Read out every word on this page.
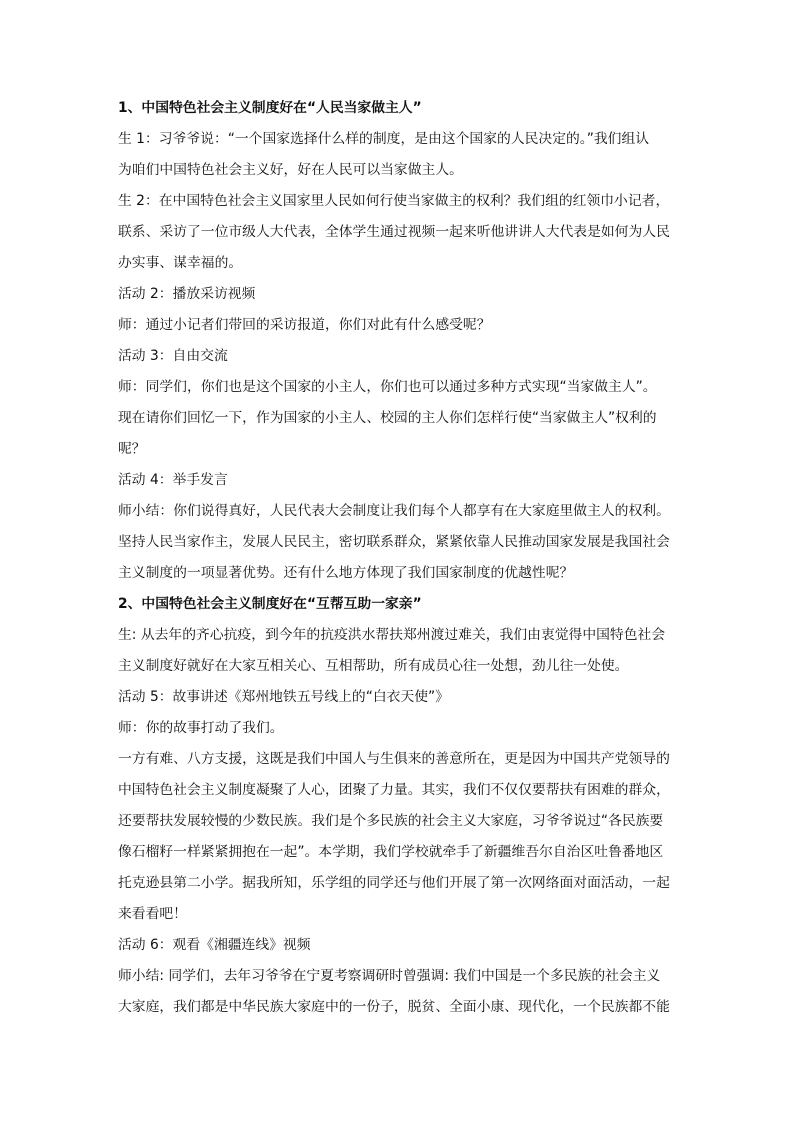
1、中国特色社会主义制度好在“人民当家做主人”
生 1：习爷爷说：“一个国家选择什么样的制度，是由这个国家的人民决定的。”我们组认
为咱们中国特色社会主义好，好在人民可以当家做主人。
生 2：在中国特色社会主义国家里人民如何行使当家做主的权利？我们组的红领巾小记者，
联系、采访了一位市级人大代表，全体学生通过视频一起来听他讲讲人大代表是如何为人民
办实事、谋幸福的。
活动 2：播放采访视频
师：通过小记者们带回的采访报道，你们对此有什么感受呢？
活动 3：自由交流
师：同学们，你们也是这个国家的小主人，你们也可以通过多种方式实现“当家做主人”。
现在请你们回忆一下，作为国家的小主人、校园的主人你们怎样行使“当家做主人”权利的
呢？
活动 4：举手发言
师小结：你们说得真好，人民代表大会制度让我们每个人都享有在大家庭里做主人的权利。
坚持人民当家作主，发展人民民主，密切联系群众，紧紧依靠人民推动国家发展是我国社会
主义制度的一项显著优势。还有什么地方体现了我们国家制度的优越性呢？
2、中国特色社会主义制度好在“互帮互助一家亲”
生: 从去年的齐心抗疫，到今年的抗疫洪水帮扶郑州渡过难关，我们由衷觉得中国特色社会
主义制度好就好在大家互相关心、互相帮助，所有成员心往一处想，劲儿往一处使。
活动 5：故事讲述《郑州地铁五号线上的“白衣天使”》
师：你的故事打动了我们。
一方有难、八方支援，这既是我们中国人与生俱来的善意所在，更是因为中国共产党领导的
中国特色社会主义制度凝聚了人心，团聚了力量。其实，我们不仅仅要帮扶有困难的群众，
还要帮扶发展较慢的少数民族。我们是个多民族的社会主义大家庭，习爷爷说过“各民族要
像石榴籽一样紧紧拥抱在一起”。本学期，我们学校就牵手了新疆维吾尔自治区吐鲁番地区
托克逊县第二小学。据我所知，乐学组的同学还与他们开展了第一次网络面对面活动，一起
来看看吧！
活动 6：观看《湘疆连线》视频
师小结: 同学们，去年习爷爷在宁夏考察调研时曾强调: 我们中国是一个多民族的社会主义
大家庭，我们都是中华民族大家庭中的一份子，脱贫、全面小康、现代化，一个民族都不能
